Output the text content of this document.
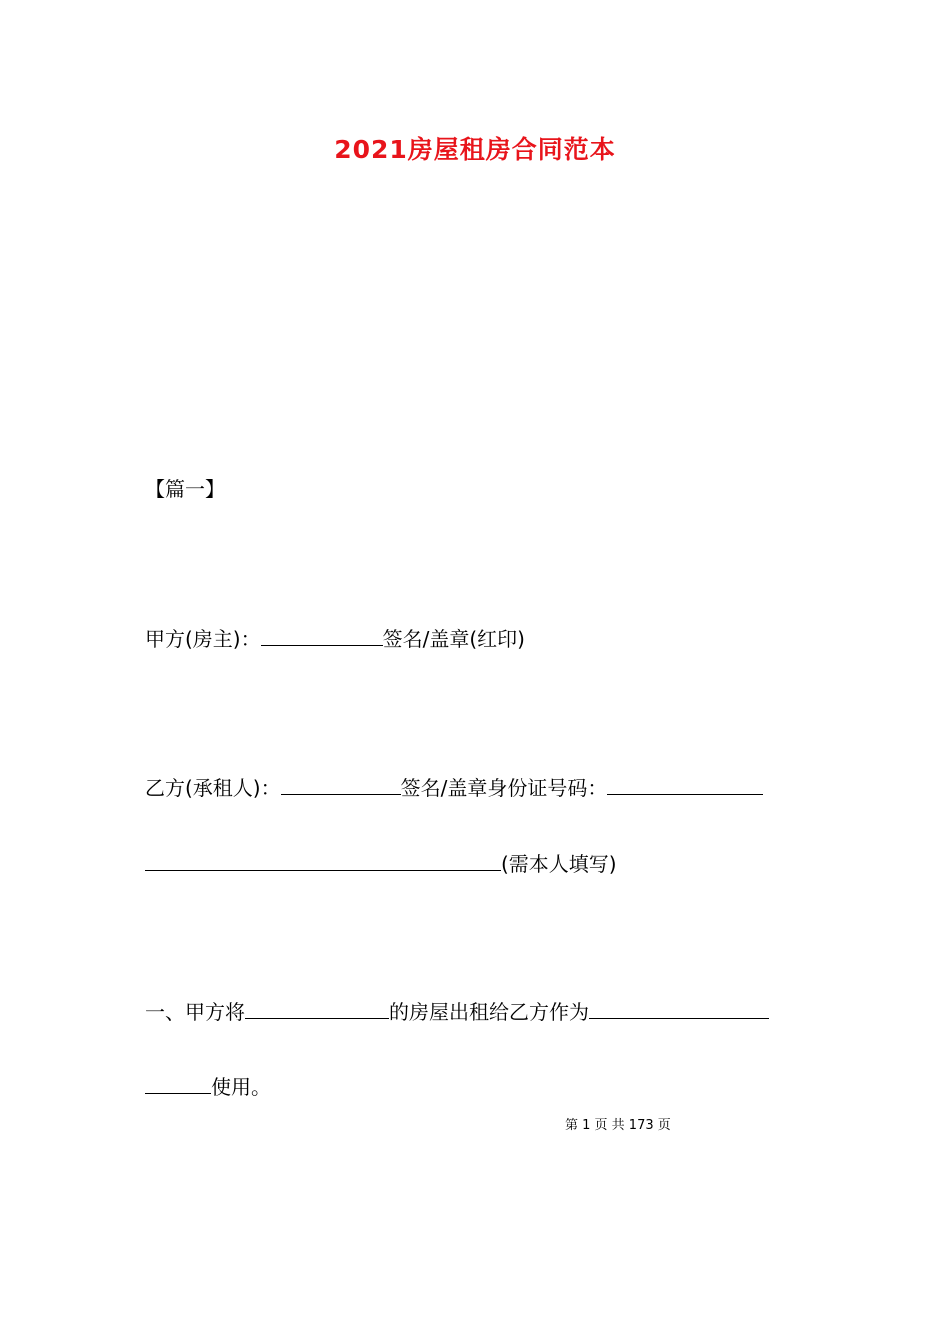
2021房屋租房合同范本
【篇一】
甲方(房主)：	签名/盖章(红印)
乙方(承租人)：	签名/盖章身份证号码：
(需本人填写)
一、甲方将	的房屋出租给乙方作为
使用。
第 1 页 共 173 页
